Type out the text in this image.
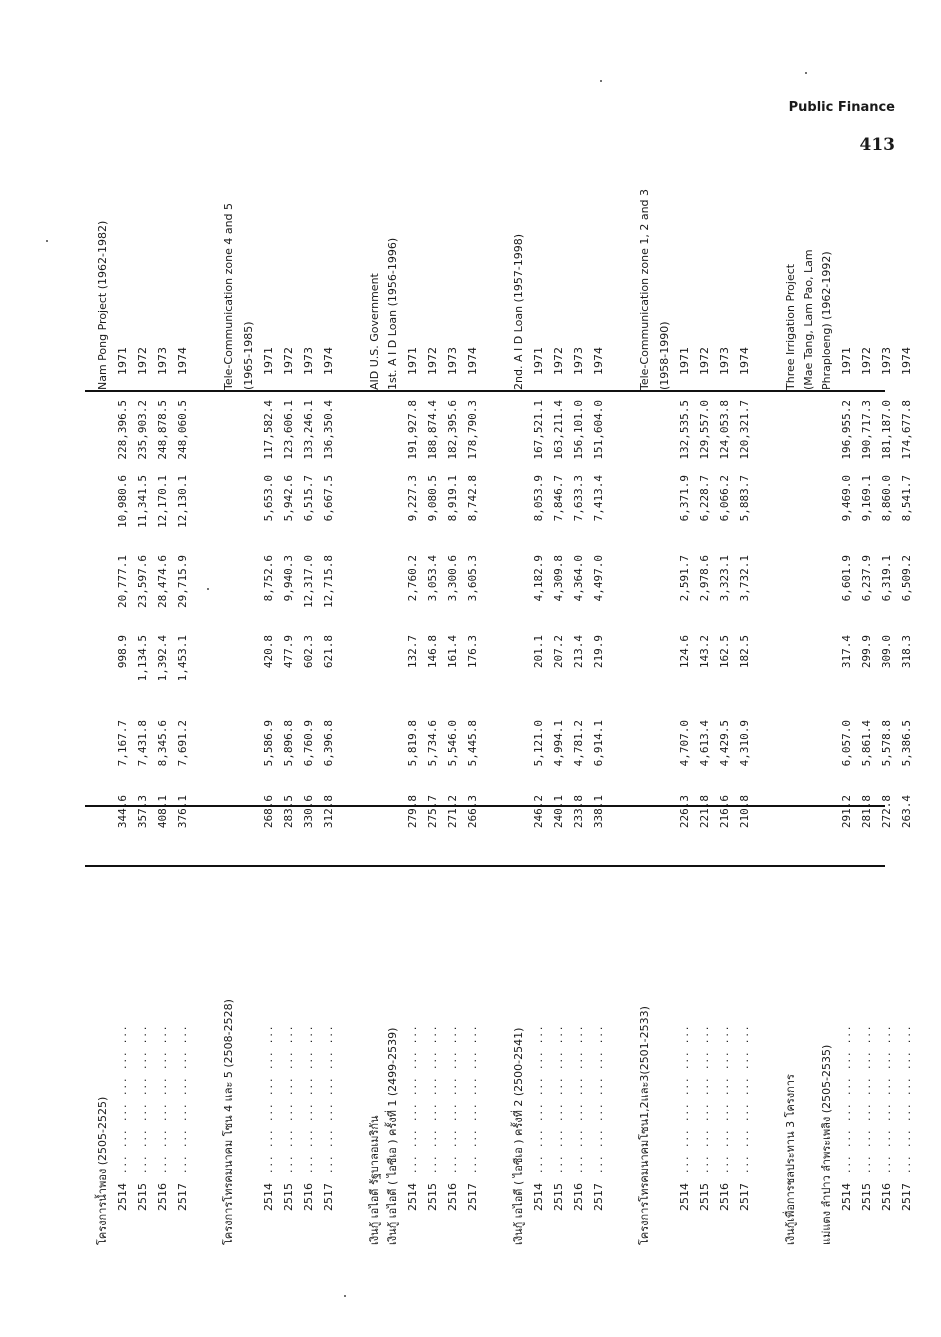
Public Finance
413
โครงการน้ำพอง (2505-2525)
Nam Pong Project (1962-1982)
2514... ... ... ... ... ...
344.6
7,167.7
998.9
20,777.1
10,980.6
228,396.5
1971
2515... ... ... ... ... ...
357.3
7,431.8
1,134.5
23,597.6
11,341.5
235,903.2
1972
2516... ... ... ... ... ...
408.1
8,345.6
1,392.4
28,474.6
12,170.1
248,878.5
1973
2517... ... ... ... ... ...
376.1
7,691.2
1,453.1
29,715.9
12,130.1
248,060.5
1974
โครงการโทรคมนาคม โซน 4 และ 5 (2508-2528)
Tele-Communication zone 4 and 5 (1965-1985)
2514... ... ... ... ... ...
268.6
5,586.9
420.8
8,752.6
5,653.0
117,582.4
1971
2515... ... ... ... ... ...
283.5
5,896.8
477.9
9,940.3
5,942.6
123,606.1
1972
2516... ... ... ... ... ...
330.6
6,760.9
602.3
12,317.0
6,515.7
133,246.1
1973
2517... ... ... ... ... ...
312.8
6,396.8
621.8
12,715.8
6,667.5
136,350.4
1974
เงินกู้ เอไอดี รัฐบาลอเมริกัน
AID U.S. Government
เงินกู้ เอไอดี ( ไอซีเอ ) ครั้งที่ 1 (2499-2539)
1st. A I D Loan (1956-1996)
2514... ... ... ... ... ...
279.8
5,819.8
132.7
2,760.2
9,227.3
191,927.8
1971
2515... ... ... ... ... ...
275.7
5,734.6
146.8
3,053.4
9,080.5
188,874.4
1972
2516... ... ... ... ... ...
271.2
5,546.0
161.4
3,300.6
8,919.1
182,395.6
1973
2517... ... ... ... ... ...
266.3
5,445.8
176.3
3,605.3
8,742.8
178,790.3
1974
เงินกู้ เอไอดี ( ไอซีเอ ) ครั้งที่ 2 (2500-2541)
2nd. A I D Loan (1957-1998)
2514... ... ... ... ... ...
246.2
5,121.0
201.1
4,182.9
8,053.9
167,521.1
1971
2515... ... ... ... ... ...
240.1
4,994.1
207.2
4,309.8
7,846.7
163,211.4
1972
2516... ... ... ... ... ...
233.8
4,781.2
213.4
4,364.0
7,633.3
156,101.0
1973
2517... ... ... ... ... ...
338.1
6,914.1
219.9
4,497.0
7,413.4
151,604.0
1974
โครงการโทรคมนาคมโซน1,2และ3(2501-2533)
Tele-Communication zone 1, 2 and 3 (1958-1990)
2514... ... ... ... ... ...
226.3
4,707.0
124.6
2,591.7
6,371.9
132,535.5
1971
2515... ... ... ... ... ...
221.8
4,613.4
143.2
2,978.6
6,228.7
129,557.0
1972
2516... ... ... ... ... ...
216.6
4,429.5
162.5
3,323.1
6,066.2
124,053.8
1973
2517... ... ... ... ... ...
210.8
4,310.9
182.5
3,732.1
5,883.7
120,321.7
1974
เงินกู้เพื่อการชลประทาน 3 โครงการ
Three Irrigation Project (Mae Tang, Lam Pao, Lam
แม่แตง ลำปาว ลำพระเพลิง (2505-2535)
Phraploeng) (1962-1992)
2514... ... ... ... ... ...
291.2
6,057.0
317.4
6,601.9
9,469.0
196,955.2
1971
2515... ... ... ... ... ...
281.8
5,861.4
299.9
6,237.9
9,169.1
190,717.3
1972
2516... ... ... ... ... ...
272.8
5,578.8
309.0
6,319.1
8,860.0
181,187.0
1973
2517... ... ... ... ... ...
263.4
5,386.5
318.3
6,509.2
8,541.7
174,677.8
1974
